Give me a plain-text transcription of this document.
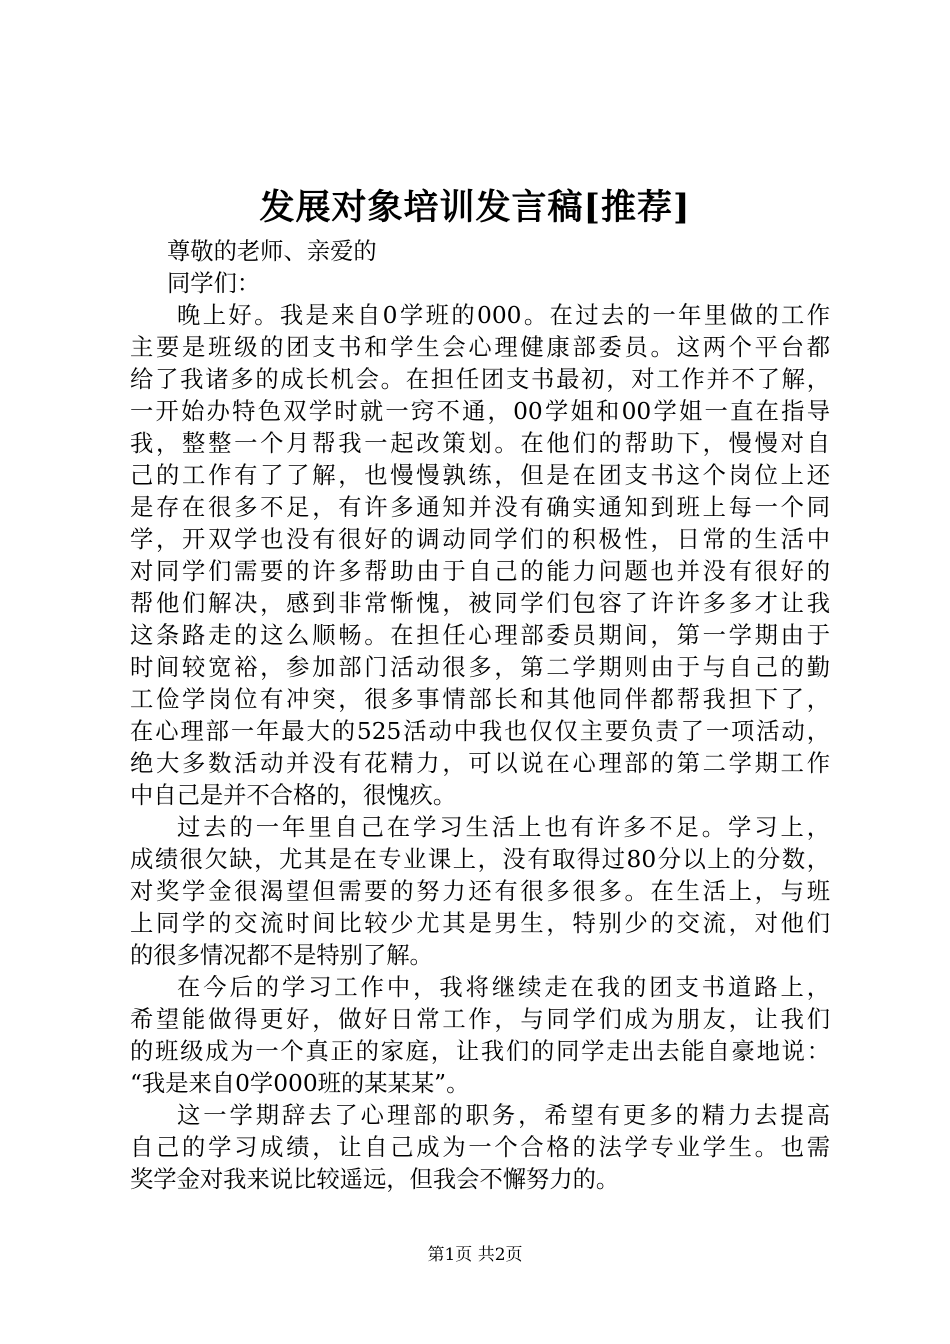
发展对象培训发言稿[推荐]
尊敬的老师、亲爱的
同学们：
晚上好。我是来自0学班的000。在过去的一年里做的工作
主要是班级的团支书和学生会心理健康部委员。这两个平台都
给了我诸多的成长机会。在担任团支书最初，对工作并不了解，
一开始办特色双学时就一窍不通，00学姐和00学姐一直在指导
我，整整一个月帮我一起改策划。在他们的帮助下，慢慢对自
己的工作有了了解，也慢慢孰练，但是在团支书这个岗位上还
是存在很多不足，有许多通知并没有确实通知到班上每一个同
学，开双学也没有很好的调动同学们的积极性，日常的生活中
对同学们需要的许多帮助由于自己的能力问题也并没有很好的
帮他们解决，感到非常惭愧，被同学们包容了许许多多才让我
这条路走的这么顺畅。在担任心理部委员期间，第一学期由于
时间较宽裕，参加部门活动很多，第二学期则由于与自己的勤
工俭学岗位有冲突，很多事情部长和其他同伴都帮我担下了，
在心理部一年最大的525活动中我也仅仅主要负责了一项活动，
绝大多数活动并没有花精力，可以说在心理部的第二学期工作
中自己是并不合格的，很愧疚。
过去的一年里自己在学习生活上也有许多不足。学习上，
成绩很欠缺，尤其是在专业课上，没有取得过80分以上的分数，
对奖学金很渴望但需要的努力还有很多很多。在生活上，与班
上同学的交流时间比较少尤其是男生，特别少的交流，对他们
的很多情况都不是特别了解。
在今后的学习工作中，我将继续走在我的团支书道路上，
希望能做得更好，做好日常工作，与同学们成为朋友，让我们
的班级成为一个真正的家庭，让我们的同学走出去能自豪地说：
“我是来自0学000班的某某某”。
这一学期辞去了心理部的职务，希望有更多的精力去提高
自己的学习成绩，让自己成为一个合格的法学专业学生。也需
奖学金对我来说比较遥远，但我会不懈努力的。
第1页 共2页
